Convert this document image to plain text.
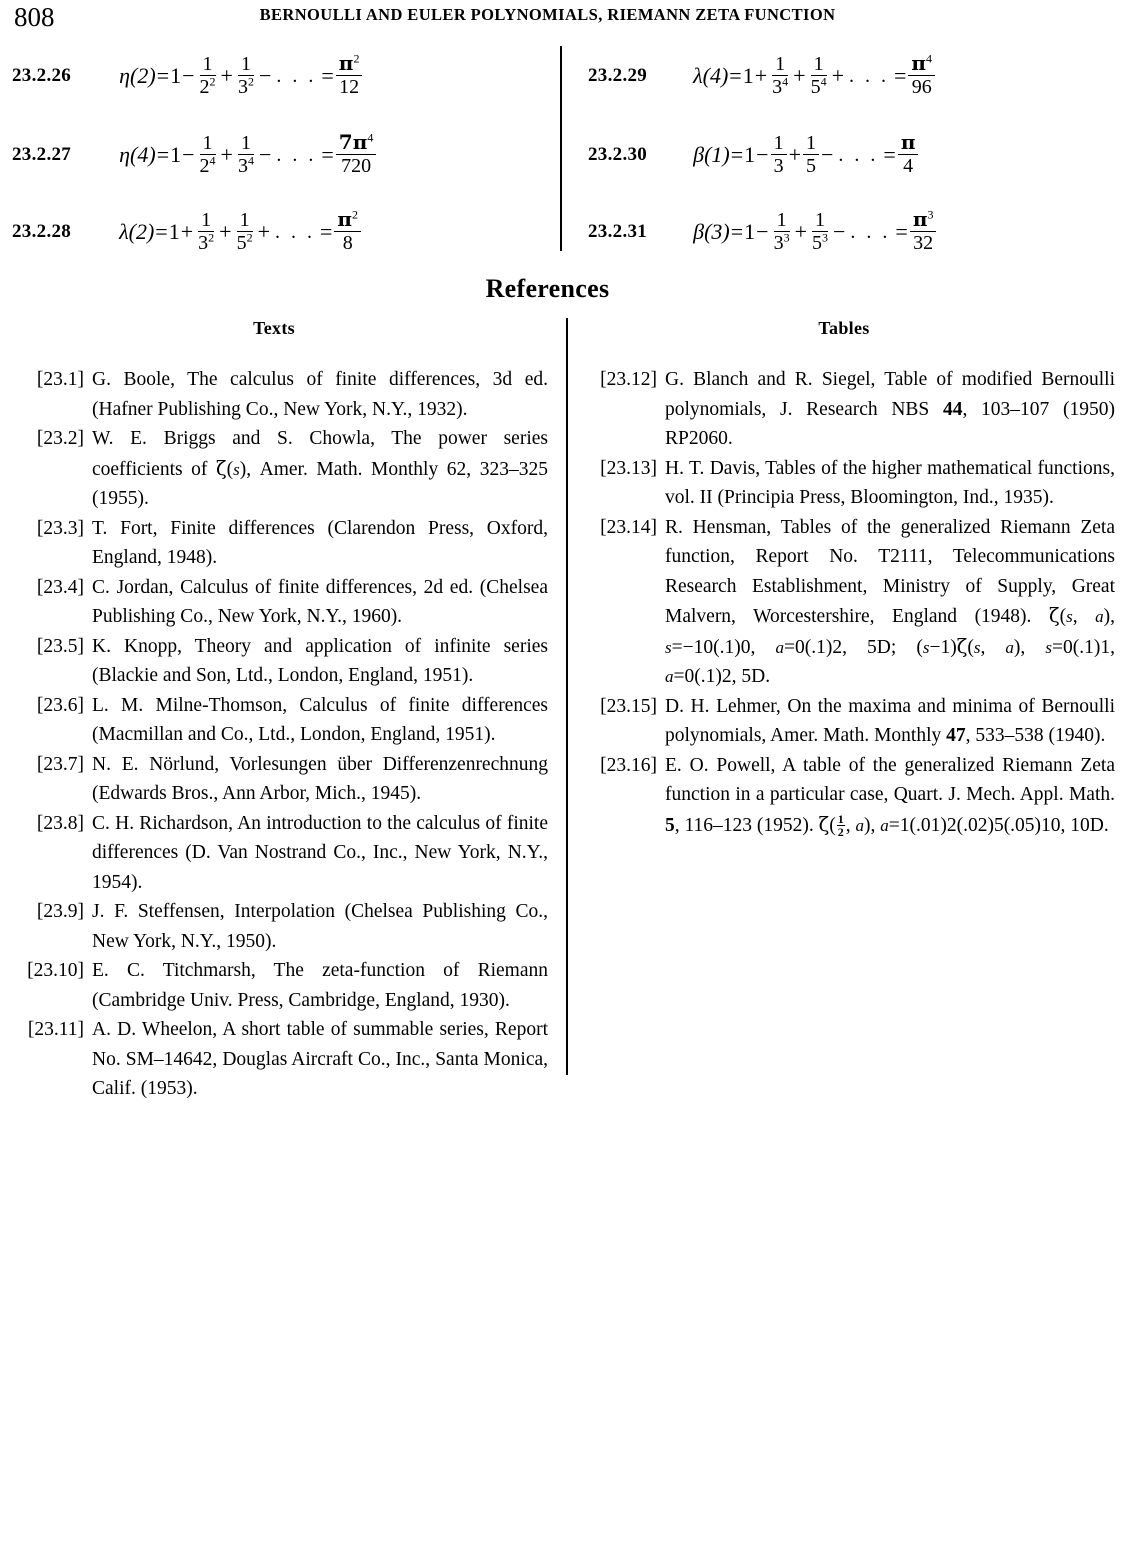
808	BERNOULLI AND EULER POLYNOMIALS, RIEMANN ZETA FUNCTION
23.2.26 $\eta(2) = 1 - \frac{1}{2^2} + \frac{1}{3^2}$ − . . . = $\frac{\pi^2}{12}$
23.2.27 $\eta(4) = 1 - \frac{1}{2^4} + \frac{1}{3^4}$ − . . . = $\frac{7\pi^4}{720}$
23.2.28 $\lambda(2) = 1 + \frac{1}{3^2} + \frac{1}{5^2}$ + . . . = $\frac{\pi^2}{8}$
23.2.29 $\lambda(4) = 1 + \frac{1}{3^4} + \frac{1}{5^4}$ + . . . = $\frac{\pi^4}{96}$
23.2.30 $\beta(1) = 1 - \frac{1}{3} + \frac{1}{5}$ − . . . = $\frac{\pi}{4}$
23.2.31 $\beta(3) = 1 - \frac{1}{3^3} + \frac{1}{5^3}$ − . . . = $\frac{\pi^3}{32}$
References
Texts
[23.1] G. Boole, The calculus of finite differences, 3d ed. (Hafner Publishing Co., New York, N.Y., 1932).
[23.2] W. E. Briggs and S. Chowla, The power series coefficients of ζ(s), Amer. Math. Monthly 62, 323–325 (1955).
[23.3] T. Fort, Finite differences (Clarendon Press, Oxford, England, 1948).
[23.4] C. Jordan, Calculus of finite differences, 2d ed. (Chelsea Publishing Co., New York, N.Y., 1960).
[23.5] K. Knopp, Theory and application of infinite series (Blackie and Son, Ltd., London, England, 1951).
[23.6] L. M. Milne-Thomson, Calculus of finite differences (Macmillan and Co., Ltd., London, England, 1951).
[23.7] N. E. Nörlund, Vorlesungen über Differenzenrechnung (Edwards Bros., Ann Arbor, Mich., 1945).
[23.8] C. H. Richardson, An introduction to the calculus of finite differences (D. Van Nostrand Co., Inc., New York, N.Y., 1954).
[23.9] J. F. Steffensen, Interpolation (Chelsea Publishing Co., New York, N.Y., 1950).
[23.10] E. C. Titchmarsh, The zeta-function of Riemann (Cambridge Univ. Press, Cambridge, England, 1930).
[23.11] A. D. Wheelon, A short table of summable series, Report No. SM–14642, Douglas Aircraft Co., Inc., Santa Monica, Calif. (1953).
Tables
[23.12] G. Blanch and R. Siegel, Table of modified Bernoulli polynomials, J. Research NBS 44, 103–107 (1950) RP2060.
[23.13] H. T. Davis, Tables of the higher mathematical functions, vol. II (Principia Press, Bloomington, Ind., 1935).
[23.14] R. Hensman, Tables of the generalized Riemann Zeta function, Report No. T2111, Telecommunications Research Establishment, Ministry of Supply, Great Malvern, Worcestershire, England (1948). ζ(s, a), s=−10(.1)0, a=0(.1)2, 5D; (s−1)ζ(s, a), s=0(.1)1, a=0(.1)2, 5D.
[23.15] D. H. Lehmer, On the maxima and minima of Bernoulli polynomials, Amer. Math. Monthly 47, 533–538 (1940).
[23.16] E. O. Powell, A table of the generalized Riemann Zeta function in a particular case, Quart. J. Mech. Appl. Math. 5, 116–123 (1952). $\zeta( \frac{1}{2}$ , a), a=1(.01)2(.02)5(.05)10, 10D.
